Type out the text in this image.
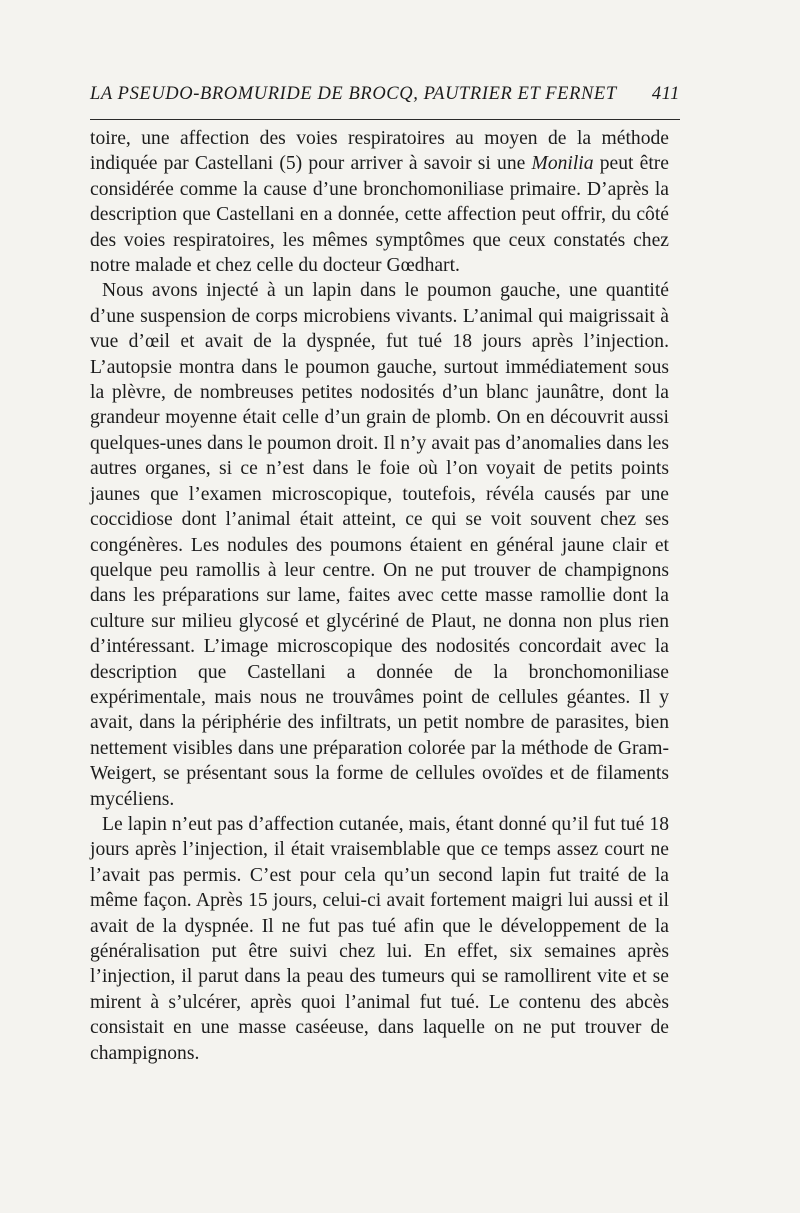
LA PSEUDO-BROMURIDE DE BROCQ, PAUTRIER ET FERNET 411

toire, une affection des voies respiratoires au moyen de la méthode indiquée par Castellani (5) pour arriver à savoir si une Monilia peut être considérée comme la cause d’une bronchomoniliase primaire. D’après la description que Castellani en a donnée, cette affection peut offrir, du côté des voies respiratoires, les mêmes symptômes que ceux constatés chez notre malade et chez celle du docteur Gœdhart.

Nous avons injecté à un lapin dans le poumon gauche, une quantité d’une suspension de corps microbiens vivants. L’animal qui maigrissait à vue d’œil et avait de la dyspnée, fut tué 18 jours après l’injection. L’autopsie montra dans le poumon gauche, surtout immédiatement sous la plèvre, de nombreuses petites nodosités d’un blanc jaunâtre, dont la grandeur moyenne était celle d’un grain de plomb. On en découvrit aussi quelques-unes dans le poumon droit. Il n’y avait pas d’anomalies dans les autres organes, si ce n’est dans le foie où l’on voyait de petits points jaunes que l’examen microscopique, toutefois, révéla causés par une coccidiose dont l’animal était atteint, ce qui se voit souvent chez ses congénères. Les nodules des poumons étaient en général jaune clair et quelque peu ramollis à leur centre. On ne put trouver de champignons dans les préparations sur lame, faites avec cette masse ramollie dont la culture sur milieu glycosé et glycériné de Plaut, ne donna non plus rien d’intéressant. L’image microscopique des nodosités concordait avec la description que Castellani a donnée de la bronchomoniliase expérimentale, mais nous ne trouvâmes point de cellules géantes. Il y avait, dans la périphérie des infiltrats, un petit nombre de parasites, bien nettement visibles dans une préparation colorée par la méthode de Gram-Weigert, se présentant sous la forme de cellules ovoïdes et de filaments mycéliens.

Le lapin n’eut pas d’affection cutanée, mais, étant donné qu’il fut tué 18 jours après l’injection, il était vraisemblable que ce temps assez court ne l’avait pas permis. C’est pour cela qu’un second lapin fut traité de la même façon. Après 15 jours, celui-ci avait fortement maigri lui aussi et il avait de la dyspnée. Il ne fut pas tué afin que le développement de la généralisation put être suivi chez lui. En effet, six semaines après l’injection, il parut dans la peau des tumeurs qui se ramollirent vite et se mirent à s’ulcérer, après quoi l’animal fut tué. Le contenu des abcès consistait en une masse caséeuse, dans laquelle on ne put trouver de champignons.
